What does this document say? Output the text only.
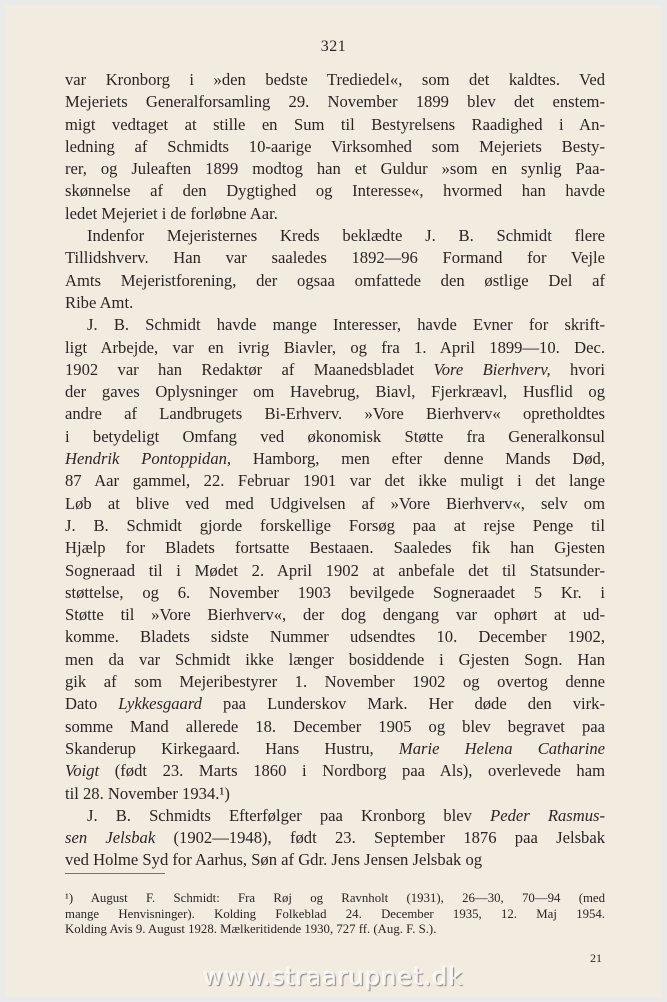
321
var Kronborg i »den bedste Trediedel«, som det kaldtes. Ved
Mejeriets Generalforsamling 29. November 1899 blev det enstem-
migt vedtaget at stille en Sum til Bestyrelsens Raadighed i An-
ledning af Schmidts 10-aarige Virksomhed som Mejeriets Besty-
rer, og Juleaften 1899 modtog han et Guldur »som en synlig Paa-
skønnelse af den Dygtighed og Interesse«, hvormed han havde
ledet Mejeriet i de forløbne Aar.
Indenfor Mejeristernes Kreds beklædte J. B. Schmidt flere
Tillidshverv. Han var saaledes 1892—96 Formand for Vejle
Amts Mejeristforening, der ogsaa omfattede den østlige Del af
Ribe Amt.
J. B. Schmidt havde mange Interesser, havde Evner for skrift-
ligt Arbejde, var en ivrig Biavler, og fra 1. April 1899—10. Dec.
1902 var han Redaktør af Maanedsbladet Vore Bierhverv, hvori
der gaves Oplysninger om Havebrug, Biavl, Fjerkræavl, Husflid og
andre af Landbrugets Bi-Erhverv. »Vore Bierhverv« opretholdtes
i betydeligt Omfang ved økonomisk Støtte fra Generalkonsul
Hendrik Pontoppidan, Hamborg, men efter denne Mands Død,
87 Aar gammel, 22. Februar 1901 var det ikke muligt i det lange
Løb at blive ved med Udgivelsen af »Vore Bierhverv«, selv om
J. B. Schmidt gjorde forskellige Forsøg paa at rejse Penge til
Hjælp for Bladets fortsatte Bestaaen. Saaledes fik han Gjesten
Sogneraad til i Mødet 2. April 1902 at anbefale det til Statsunder-
støttelse, og 6. November 1903 bevilgede Sogneraadet 5 Kr. i
Støtte til »Vore Bierhverv«, der dog dengang var ophørt at ud-
komme. Bladets sidste Nummer udsendtes 10. December 1902,
men da var Schmidt ikke længer bosiddende i Gjesten Sogn. Han
gik af som Mejeribestyrer 1. November 1902 og overtog denne
Dato Lykkesgaard paa Lunderskov Mark. Her døde den virk-
somme Mand allerede 18. December 1905 og blev begravet paa
Skanderup Kirkegaard. Hans Hustru, Marie Helena Catharine
Voigt (født 23. Marts 1860 i Nordborg paa Als), overlevede ham
til 28. November 1934.¹)
J. B. Schmidts Efterfølger paa Kronborg blev Peder Rasmus-
sen Jelsbak (1902—1948), født 23. September 1876 paa Jelsbak
ved Holme Syd for Aarhus, Søn af Gdr. Jens Jensen Jelsbak og
¹) August F. Schmidt: Fra Røj og Ravnholt (1931), 26—30, 70—94 (med
mange Henvisninger). Kolding Folkeblad 24. December 1935, 12. Maj 1954.
Kolding Avis 9. August 1928. Mælkeritidende 1930, 727 ff. (Aug. F. S.).
21
www.straarupnet.dk
